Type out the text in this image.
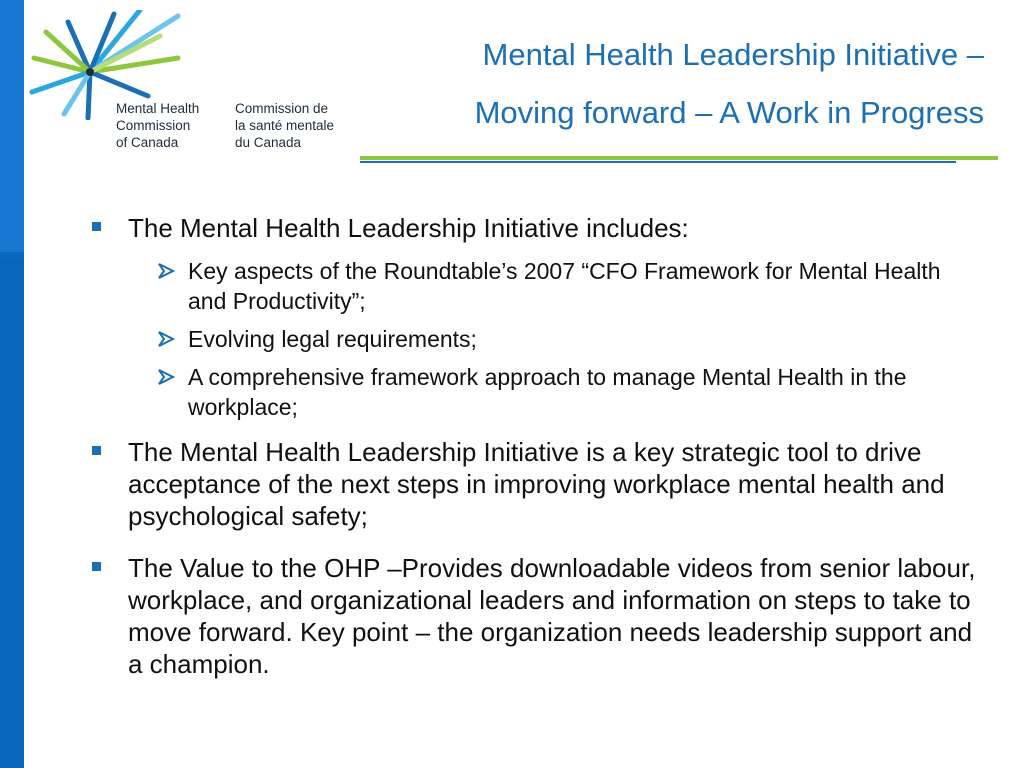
Mental Health
Commission
of Canada
Commission de
la santé mentale
du Canada
Mental Health Leadership Initiative –
Moving forward – A Work in Progress
The Mental Health Leadership Initiative includes:
Key aspects of the Roundtable’s 2007 “CFO Framework for Mental Health and Productivity”;
Evolving legal requirements;
A comprehensive framework approach to manage Mental Health in the workplace;
The Mental Health Leadership Initiative is a key strategic tool to drive acceptance of the next steps in improving workplace mental health and psychological safety;
The Value to the OHP –Provides downloadable videos from senior labour, workplace, and organizational leaders and information on steps to take to move forward. Key point – the organization needs leadership support and a champion.
